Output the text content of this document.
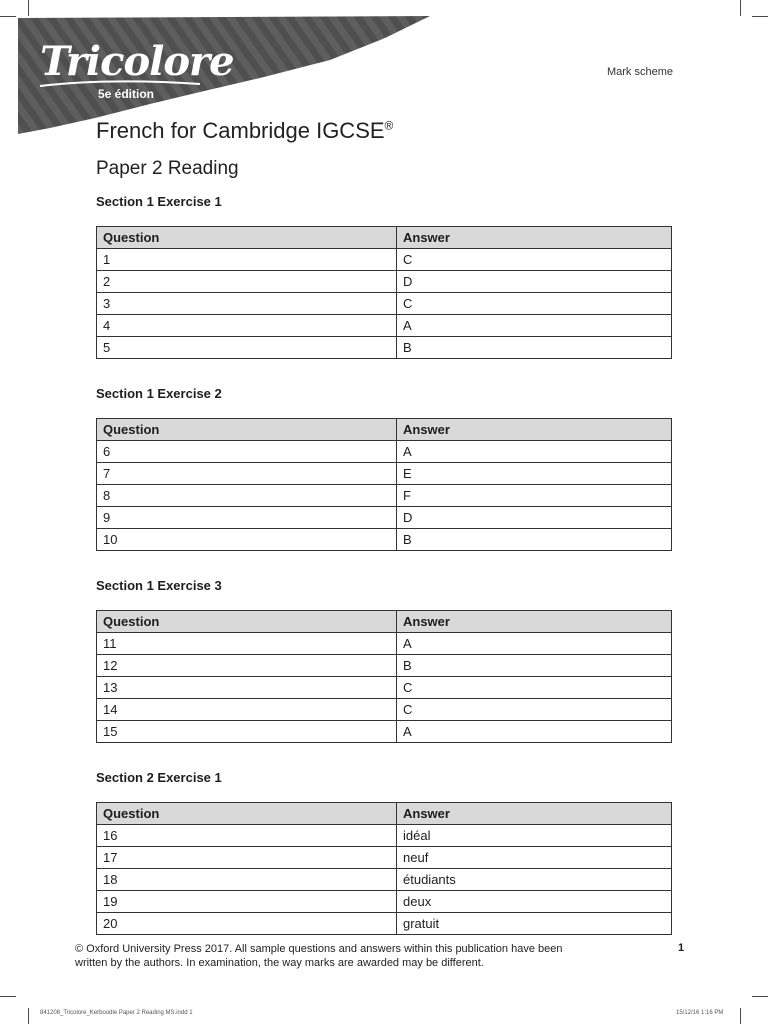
Tricolore
5e édition
Mark scheme
French for Cambridge IGCSE®
Paper 2 Reading
Section 1 Exercise 1
Question	Answer
1	C
2	D
3	C
4	A
5	B
Section 1 Exercise 2
Question	Answer
6	A
7	E
8	F
9	D
10	B
Section 1 Exercise 3
Question	Answer
11	A
12	B
13	C
14	C
15	A
Section 2 Exercise 1
Question	Answer
16	idéal
17	neuf
18	étudiants
19	deux
20	gratuit
© Oxford University Press 2017. All sample questions and answers within this publication have been written by the authors. In examination, the way marks are awarded may be different.
1
841208_Tricolore_Kerboodle Paper 2 Reading MS.indd 1	15/12/16 1:16 PM
